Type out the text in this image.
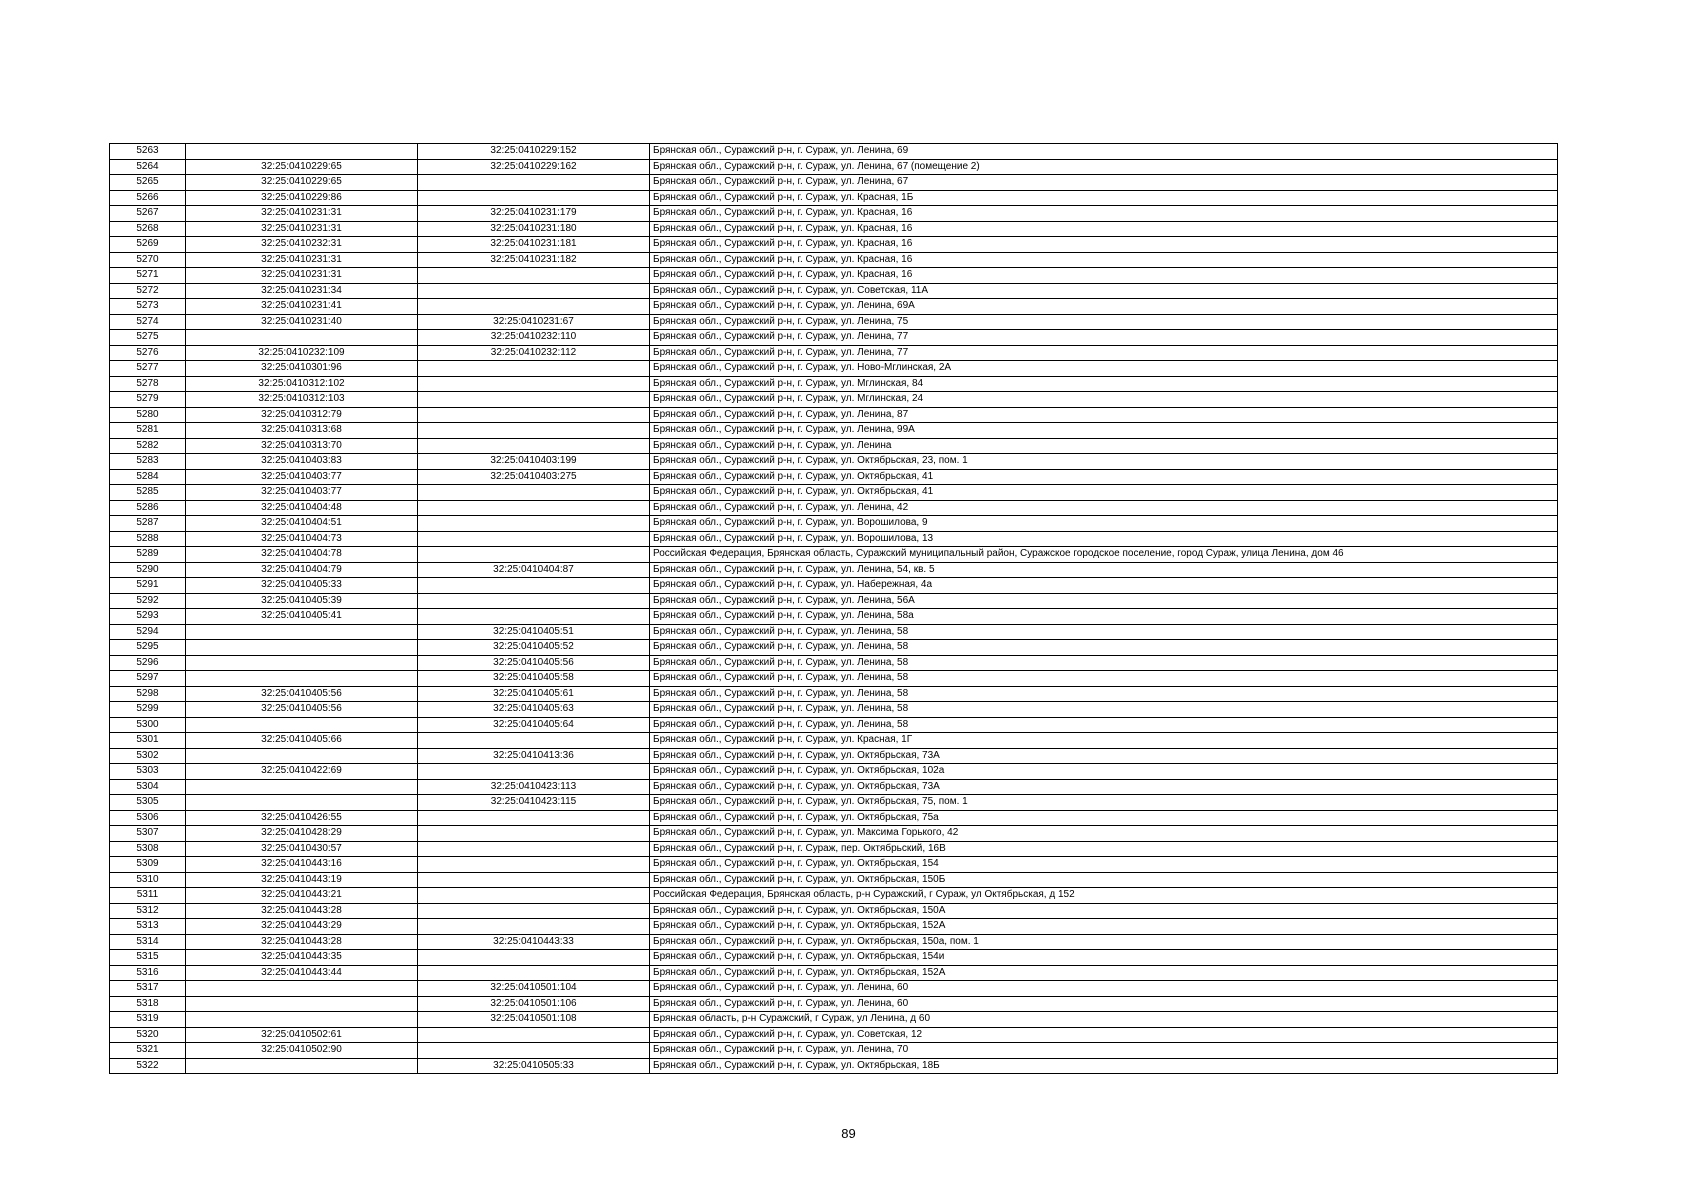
5263		32:25:0410229:152	Брянская обл., Суражский р-н, г. Сураж, ул. Ленина, 69
5264	32:25:0410229:65	32:25:0410229:162	Брянская обл., Суражский р-н, г. Сураж, ул. Ленина, 67 (помещение 2)
5265	32:25:0410229:65		Брянская обл., Суражский р-н, г. Сураж, ул. Ленина, 67
5266	32:25:0410229:86		Брянская обл., Суражский р-н, г. Сураж, ул. Красная, 1Б
5267	32:25:0410231:31	32:25:0410231:179	Брянская обл., Суражский р-н, г. Сураж, ул. Красная, 16
5268	32:25:0410231:31	32:25:0410231:180	Брянская обл., Суражский р-н, г. Сураж, ул. Красная, 16
5269	32:25:0410232:31	32:25:0410231:181	Брянская обл., Суражский р-н, г. Сураж, ул. Красная, 16
5270	32:25:0410231:31	32:25:0410231:182	Брянская обл., Суражский р-н, г. Сураж, ул. Красная, 16
5271	32:25:0410231:31		Брянская обл., Суражский р-н, г. Сураж, ул. Красная, 16
5272	32:25:0410231:34		Брянская обл., Суражский р-н, г. Сураж, ул. Советская, 11А
5273	32:25:0410231:41		Брянская обл., Суражский р-н, г. Сураж, ул. Ленина, 69А
5274	32:25:0410231:40	32:25:0410231:67	Брянская обл., Суражский р-н, г. Сураж, ул. Ленина, 75
5275		32:25:0410232:110	Брянская обл., Суражский р-н, г. Сураж, ул. Ленина, 77
5276	32:25:0410232:109	32:25:0410232:112	Брянская обл., Суражский р-н, г. Сураж, ул. Ленина, 77
5277	32:25:0410301:96		Брянская обл., Суражский р-н, г. Сураж, ул. Ново-Мглинская, 2А
5278	32:25:0410312:102		Брянская обл., Суражский р-н, г. Сураж, ул. Мглинская, 84
5279	32:25:0410312:103		Брянская обл., Суражский р-н, г. Сураж, ул. Мглинская, 24
5280	32:25:0410312:79		Брянская обл., Суражский р-н, г. Сураж, ул. Ленина, 87
5281	32:25:0410313:68		Брянская обл., Суражский р-н, г. Сураж, ул. Ленина, 99А
5282	32:25:0410313:70		Брянская обл., Суражский р-н, г. Сураж, ул. Ленина
5283	32:25:0410403:83	32:25:0410403:199	Брянская обл., Суражский р-н, г. Сураж, ул. Октябрьская, 23, пом. 1
5284	32:25:0410403:77	32:25:0410403:275	Брянская обл., Суражский р-н, г. Сураж, ул. Октябрьская, 41
5285	32:25:0410403:77		Брянская обл., Суражский р-н, г. Сураж, ул. Октябрьская, 41
5286	32:25:0410404:48		Брянская обл., Суражский р-н, г. Сураж, ул. Ленина, 42
5287	32:25:0410404:51		Брянская обл., Суражский р-н, г. Сураж, ул. Ворошилова, 9
5288	32:25:0410404:73		Брянская обл., Суражский р-н, г. Сураж, ул. Ворошилова, 13
5289	32:25:0410404:78		Российская Федерация, Брянская область, Суражский муниципальный район, Суражское городское поселение, город Сураж, улица Ленина, дом 46
5290	32:25:0410404:79	32:25:0410404:87	Брянская обл., Суражский р-н, г. Сураж, ул. Ленина, 54, кв. 5
5291	32:25:0410405:33		Брянская обл., Суражский р-н, г. Сураж, ул. Набережная, 4а
5292	32:25:0410405:39		Брянская обл., Суражский р-н, г. Сураж, ул. Ленина, 56А
5293	32:25:0410405:41		Брянская обл., Суражский р-н, г. Сураж, ул. Ленина, 58а
5294		32:25:0410405:51	Брянская обл., Суражский р-н, г. Сураж, ул. Ленина, 58
5295		32:25:0410405:52	Брянская обл., Суражский р-н, г. Сураж, ул. Ленина, 58
5296		32:25:0410405:56	Брянская обл., Суражский р-н, г. Сураж, ул. Ленина, 58
5297		32:25:0410405:58	Брянская обл., Суражский р-н, г. Сураж, ул. Ленина, 58
5298	32:25:0410405:56	32:25:0410405:61	Брянская обл., Суражский р-н, г. Сураж, ул. Ленина, 58
5299	32:25:0410405:56	32:25:0410405:63	Брянская обл., Суражский р-н, г. Сураж, ул. Ленина, 58
5300		32:25:0410405:64	Брянская обл., Суражский р-н, г. Сураж, ул. Ленина, 58
5301	32:25:0410405:66		Брянская обл., Суражский р-н, г. Сураж, ул. Красная, 1Г
5302		32:25:0410413:36	Брянская обл., Суражский р-н, г. Сураж, ул. Октябрьская, 73А
5303	32:25:0410422:69		Брянская обл., Суражский р-н, г. Сураж, ул. Октябрьская, 102а
5304		32:25:0410423:113	Брянская обл., Суражский р-н, г. Сураж, ул. Октябрьская, 73А
5305		32:25:0410423:115	Брянская обл., Суражский р-н, г. Сураж, ул. Октябрьская, 75, пом. 1
5306	32:25:0410426:55		Брянская обл., Суражский р-н, г. Сураж, ул. Октябрьская, 75а
5307	32:25:0410428:29		Брянская обл., Суражский р-н, г. Сураж, ул. Максима Горького, 42
5308	32:25:0410430:57		Брянская обл., Суражский р-н, г. Сураж, пер. Октябрьский, 16В
5309	32:25:0410443:16		Брянская обл., Суражский р-н, г. Сураж, ул. Октябрьская, 154
5310	32:25:0410443:19		Брянская обл., Суражский р-н, г. Сураж, ул. Октябрьская, 150Б
5311	32:25:0410443:21		Российская Федерация, Брянская область, р-н Суражский, г Сураж, ул Октябрьская, д 152
5312	32:25:0410443:28		Брянская обл., Суражский р-н, г. Сураж, ул. Октябрьская, 150А
5313	32:25:0410443:29		Брянская обл., Суражский р-н, г. Сураж, ул. Октябрьская, 152А
5314	32:25:0410443:28	32:25:0410443:33	Брянская обл., Суражский р-н, г. Сураж, ул. Октябрьская, 150а, пом. 1
5315	32:25:0410443:35		Брянская обл., Суражский р-н, г. Сураж, ул. Октябрьская, 154и
5316	32:25:0410443:44		Брянская обл., Суражский р-н, г. Сураж, ул. Октябрьская, 152А
5317		32:25:0410501:104	Брянская обл., Суражский р-н, г. Сураж, ул. Ленина, 60
5318		32:25:0410501:106	Брянская обл., Суражский р-н, г. Сураж, ул. Ленина, 60
5319		32:25:0410501:108	Брянская область, р-н Суражский, г Сураж, ул Ленина, д 60
5320	32:25:0410502:61		Брянская обл., Суражский р-н, г. Сураж, ул. Советская, 12
5321	32:25:0410502:90		Брянская обл., Суражский р-н, г. Сураж, ул. Ленина, 70
5322		32:25:0410505:33	Брянская обл., Суражский р-н, г. Сураж, ул. Октябрьская, 18Б
89
